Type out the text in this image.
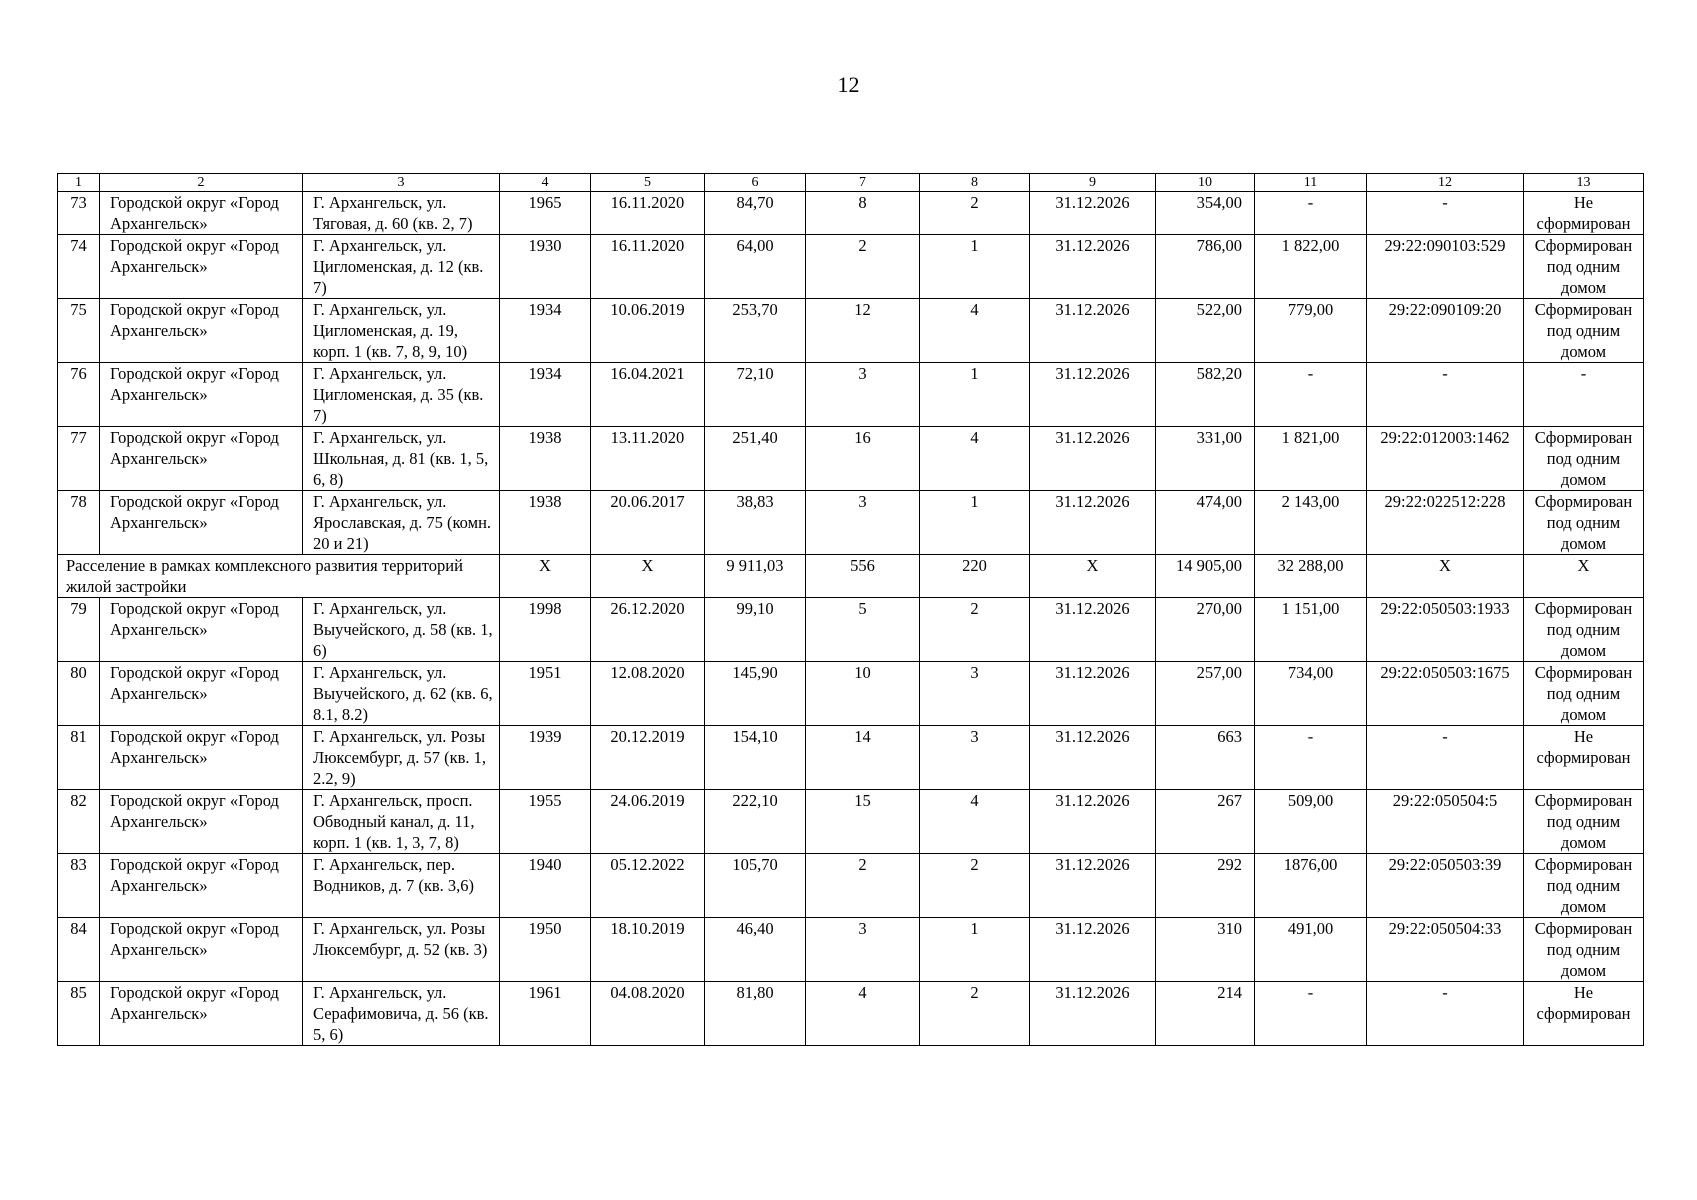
12
1	2	3	4	5	6	7	8	9	10	11	12	13
73	Городской округ «Город Архангельск»	Г. Архангельск, ул. Тяговая, д. 60 (кв. 2, 7)	1965	16.11.2020	84,70	8	2	31.12.2026	354,00	-	-	Не сформирован
74	Городской округ «Город Архангельск»	Г. Архангельск, ул. Цигломенская, д. 12 (кв. 7)	1930	16.11.2020	64,00	2	1	31.12.2026	786,00	1 822,00	29:22:090103:529	Сформирован под одним домом
75	Городской округ «Город Архангельск»	Г. Архангельск, ул. Цигломенская, д. 19, корп. 1 (кв. 7, 8, 9, 10)	1934	10.06.2019	253,70	12	4	31.12.2026	522,00	779,00	29:22:090109:20	Сформирован под одним домом
76	Городской округ «Город Архангельск»	Г. Архангельск, ул. Цигломенская, д. 35 (кв. 7)	1934	16.04.2021	72,10	3	1	31.12.2026	582,20	-	-	-
77	Городской округ «Город Архангельск»	Г. Архангельск, ул. Школьная, д. 81 (кв. 1, 5, 6, 8)	1938	13.11.2020	251,40	16	4	31.12.2026	331,00	1 821,00	29:22:012003:1462	Сформирован под одним домом
78	Городской округ «Город Архангельск»	Г. Архангельск, ул. Ярославская, д. 75 (комн. 20 и 21)	1938	20.06.2017	38,83	3	1	31.12.2026	474,00	2 143,00	29:22:022512:228	Сформирован под одним домом
Расселение в рамках комплексного развития территорий жилой застройки			X	X	9 911,03	556	220	X	14 905,00	32 288,00	X	X
79	Городской округ «Город Архангельск»	Г. Архангельск, ул. Выучейского, д. 58 (кв. 1, 6)	1998	26.12.2020	99,10	5	2	31.12.2026	270,00	1 151,00	29:22:050503:1933	Сформирован под одним домом
80	Городской округ «Город Архангельск»	Г. Архангельск, ул. Выучейского, д. 62 (кв. 6, 8.1, 8.2)	1951	12.08.2020	145,90	10	3	31.12.2026	257,00	734,00	29:22:050503:1675	Сформирован под одним домом
81	Городской округ «Город Архангельск»	Г. Архангельск, ул. Розы Люксембург, д. 57 (кв. 1, 2.2, 9)	1939	20.12.2019	154,10	14	3	31.12.2026	663	-	-	Не сформирован
82	Городской округ «Город Архангельск»	Г. Архангельск, просп. Обводный канал, д. 11, корп. 1 (кв. 1, 3, 7, 8)	1955	24.06.2019	222,10	15	4	31.12.2026	267	509,00	29:22:050504:5	Сформирован под одним домом
83	Городской округ «Город Архангельск»	Г. Архангельск, пер. Водников, д. 7 (кв. 3,6)	1940	05.12.2022	105,70	2	2	31.12.2026	292	1876,00	29:22:050503:39	Сформирован под одним домом
84	Городской округ «Город Архангельск»	Г. Архангельск, ул. Розы Люксембург, д. 52 (кв. 3)	1950	18.10.2019	46,40	3	1	31.12.2026	310	491,00	29:22:050504:33	Сформирован под одним домом
85	Городской округ «Город Архангельск»	Г. Архангельск, ул. Серафимовича, д. 56 (кв. 5, 6)	1961	04.08.2020	81,80	4	2	31.12.2026	214	-	-	Не сформирован
